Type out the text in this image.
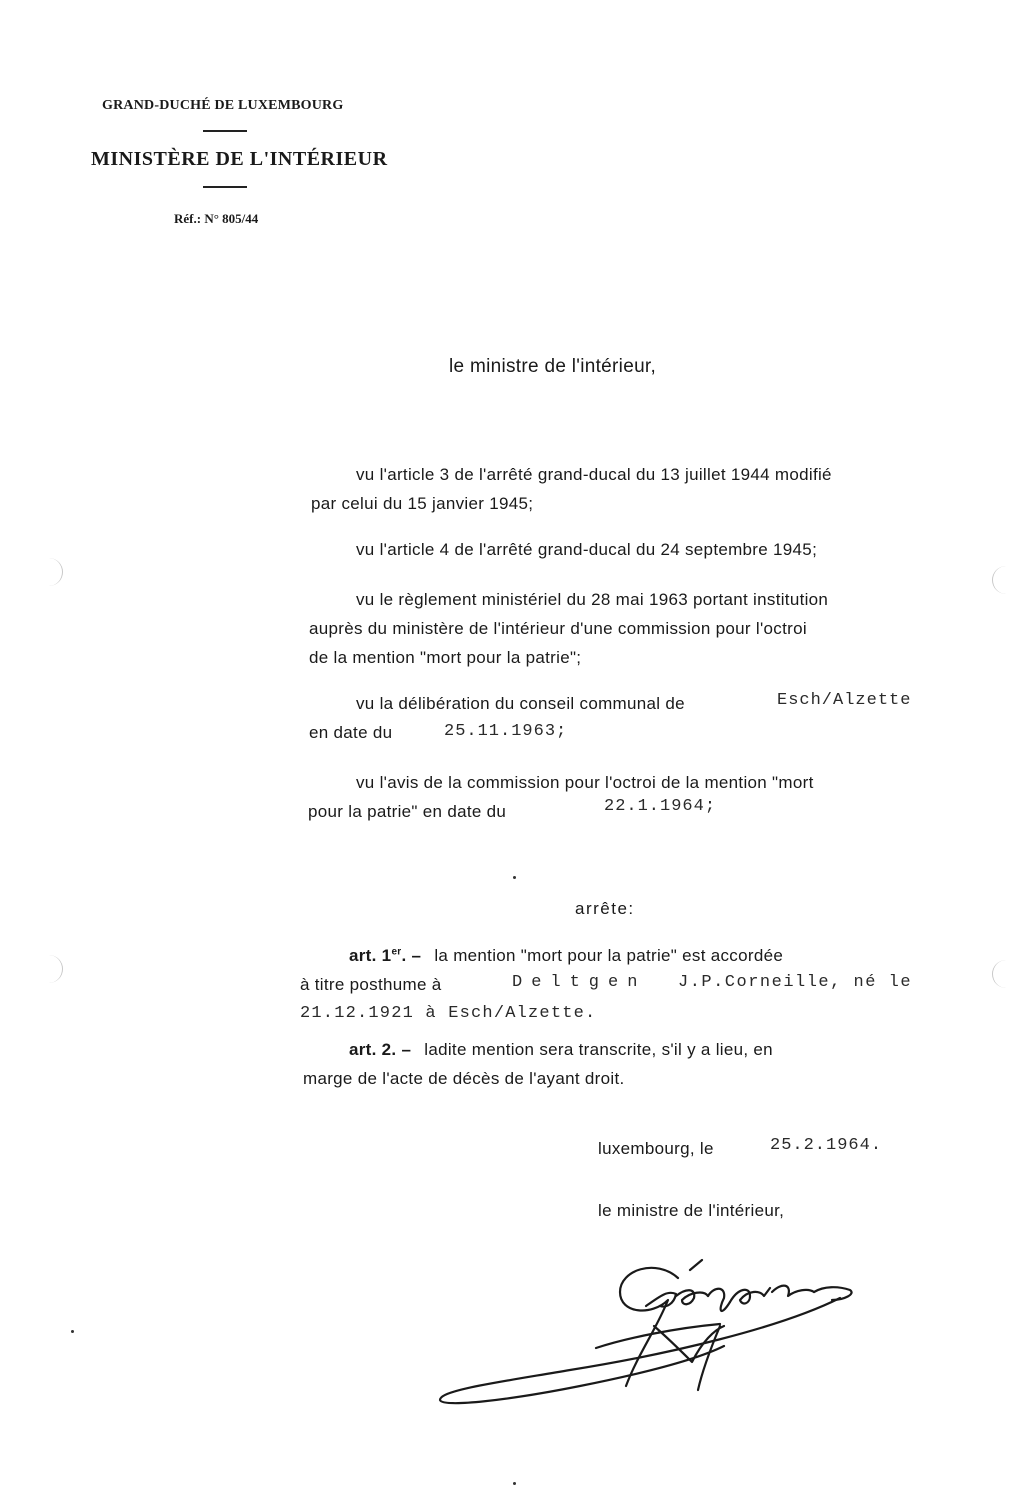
GRAND-DUCHÉ DE LUXEMBOURG
MINISTÈRE DE L'INTÉRIEUR
Réf.: N° 805/44
le ministre de l'intérieur,
vu l'article 3 de l'arrêté grand-ducal du 13 juillet 1944 modifié
par celui du 15 janvier 1945;
vu l'article 4 de l'arrêté grand-ducal du 24 septembre 1945;
vu le règlement ministériel du 28 mai 1963 portant institution
auprès du ministère de l'intérieur d'une commission pour l'octroi
de la mention "mort pour la patrie";
vu la délibération du conseil communal de	Esch/Alzette
en date du	25.11.1963;
vu l'avis de la commission pour l'octroi de la mention "mort
pour la patrie" en date du	22.1.1964;
arrête:
art. 1er. – la mention "mort pour la patrie" est accordée
à titre posthume à	Deltgen J.P.Corneille, né le
21.12.1921 à Esch/Alzette.
art. 2. – ladite mention sera transcrite, s'il y a lieu, en
marge de l'acte de décès de l'ayant droit.
luxembourg, le	25.2.1964.
le ministre de l'intérieur,
